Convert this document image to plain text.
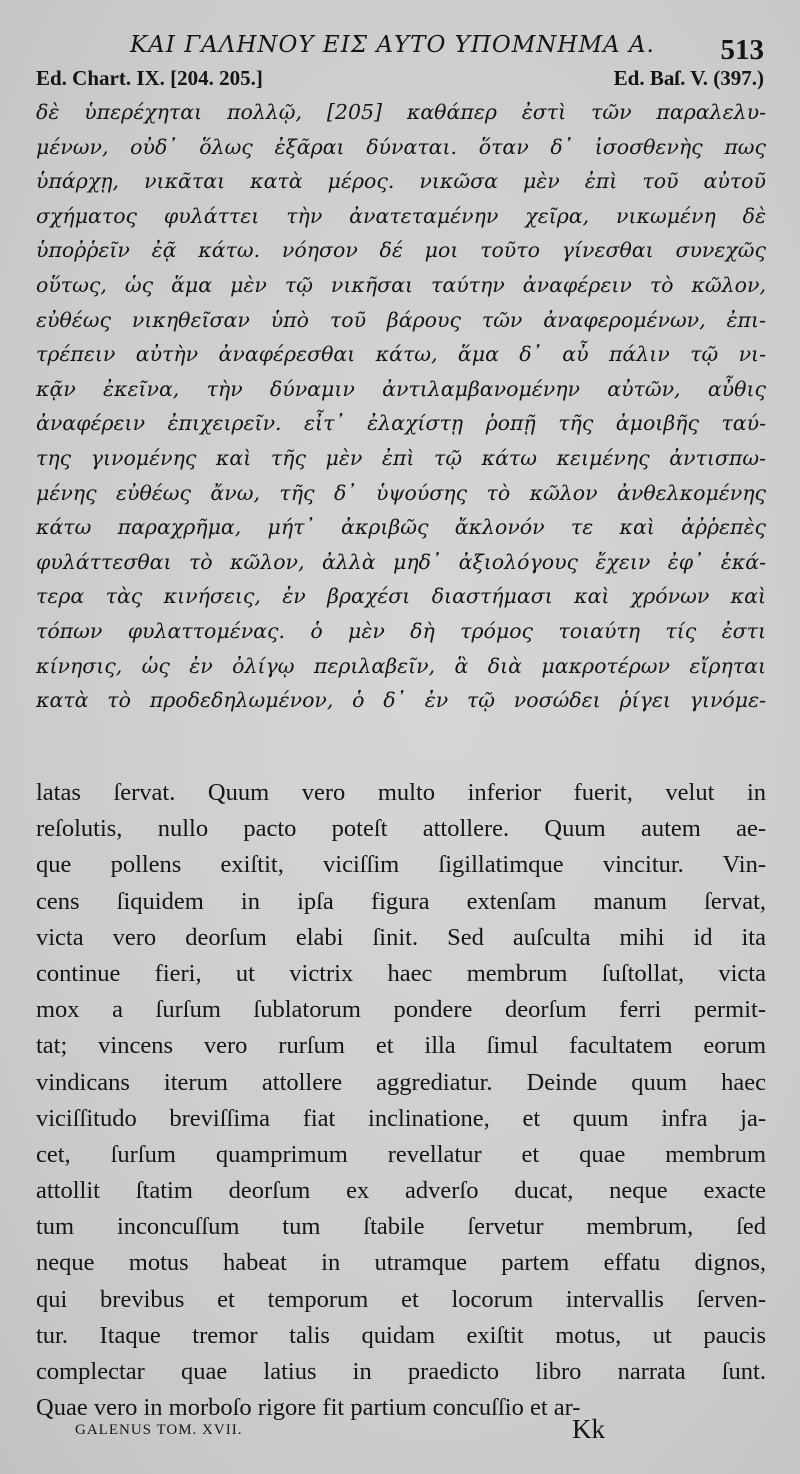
ΚΑΙ ΓΑΛΗΝΟΥ ΕΙΣ ΑΥΤΟ ΥΠΟΜΝΗΜΑ Α. 513
Ed. Chart. IX. [204. 205.]	Ed. Baſ. V. (397.)
δὲ ὑπερέχηται πολλῷ, [205] καθάπερ ἐστὶ τῶν παραλελυ-
μένων, οὐδ᾽ ὅλως ἐξᾶραι δύναται. ὅταν δ᾽ ἰσοσθενὴς πως
ὑπάρχῃ, νικᾶται κατὰ μέρος. νικῶσα μὲν ἐπὶ τοῦ αὐτοῦ
σχήματος φυλάττει τὴν ἀνατεταμένην χεῖρα, νικωμένη δὲ
ὑποῤῥεῖν ἐᾷ κάτω. νόησον δέ μοι τοῦτο γίνεσθαι συνεχῶς
οὕτως, ὡς ἅμα μὲν τῷ νικῆσαι ταύτην ἀναφέρειν τὸ κῶλον,
εὐθέως νικηθεῖσαν ὑπὸ τοῦ βάρους τῶν ἀναφερομένων, ἐπι-
τρέπειν αὐτὴν ἀναφέρεσθαι κάτω, ἅμα δ᾽ αὖ πάλιν τῷ νι-
κᾷν ἐκεῖνα, τὴν δύναμιν ἀντιλαμβανομένην αὐτῶν, αὖθις
ἀναφέρειν ἐπιχειρεῖν. εἶτ᾽ ἐλαχίστῃ ῥοπῇ τῆς ἀμοιβῆς ταύ-
της γινομένης καὶ τῆς μὲν ἐπὶ τῷ κάτω κειμένης ἀντισπω-
μένης εὐθέως ἄνω, τῆς δ᾽ ὑψούσης τὸ κῶλον ἀνθελκομένης
κάτω παραχρῆμα, μήτ᾽ ἀκριβῶς ἄκλονόν τε καὶ ἀῤῥεπὲς
φυλάττεσθαι τὸ κῶλον, ἀλλὰ μηδ᾽ ἀξιολόγους ἔχειν ἐφ᾽ ἑκά-
τερα τὰς κινήσεις, ἐν βραχέσι διαστήμασι καὶ χρόνων καὶ
τόπων φυλαττομένας. ὁ μὲν δὴ τρόμος τοιαύτη τίς ἐστι
κίνησις, ὡς ἐν ὀλίγῳ περιλαβεῖν, ἃ διὰ μακροτέρων εἴρηται
κατὰ τὸ προδεδηλωμένον, ὁ δ᾽ ἐν τῷ νοσώδει ῥίγει γινόμε-
latas ſervat. Quum vero multo inferior fuerit, velut in
reſolutis, nullo pacto poteſt attollere. Quum autem ae-
que pollens exiſtit, viciſſim ſigillatimque vincitur. Vin-
cens ſiquidem in ipſa figura extenſam manum ſervat,
victa vero deorſum elabi ſinit. Sed auſculta mihi id ita
continue fieri, ut victrix haec membrum ſuſtollat, victa
mox a ſurſum ſublatorum pondere deorſum ferri permit-
tat; vincens vero rurſum et illa ſimul facultatem eorum
vindicans iterum attollere aggrediatur. Deinde quum haec
viciſſitudo breviſſima fiat inclinatione, et quum infra ja-
cet, ſurſum quamprimum revellatur et quae membrum
attollit ſtatim deorſum ex adverſo ducat, neque exacte
tum inconcuſſum tum ſtabile ſervetur membrum, ſed
neque motus habeat in utramque partem effatu dignos,
qui brevibus et temporum et locorum intervallis ſerven-
tur. Itaque tremor talis quidam exiſtit motus, ut paucis
complectar quae latius in praedicto libro narrata ſunt.
Quae vero in morboſo rigore fit partium concuſſio et ar-
GALENUS TOM. XVII.	Kk
